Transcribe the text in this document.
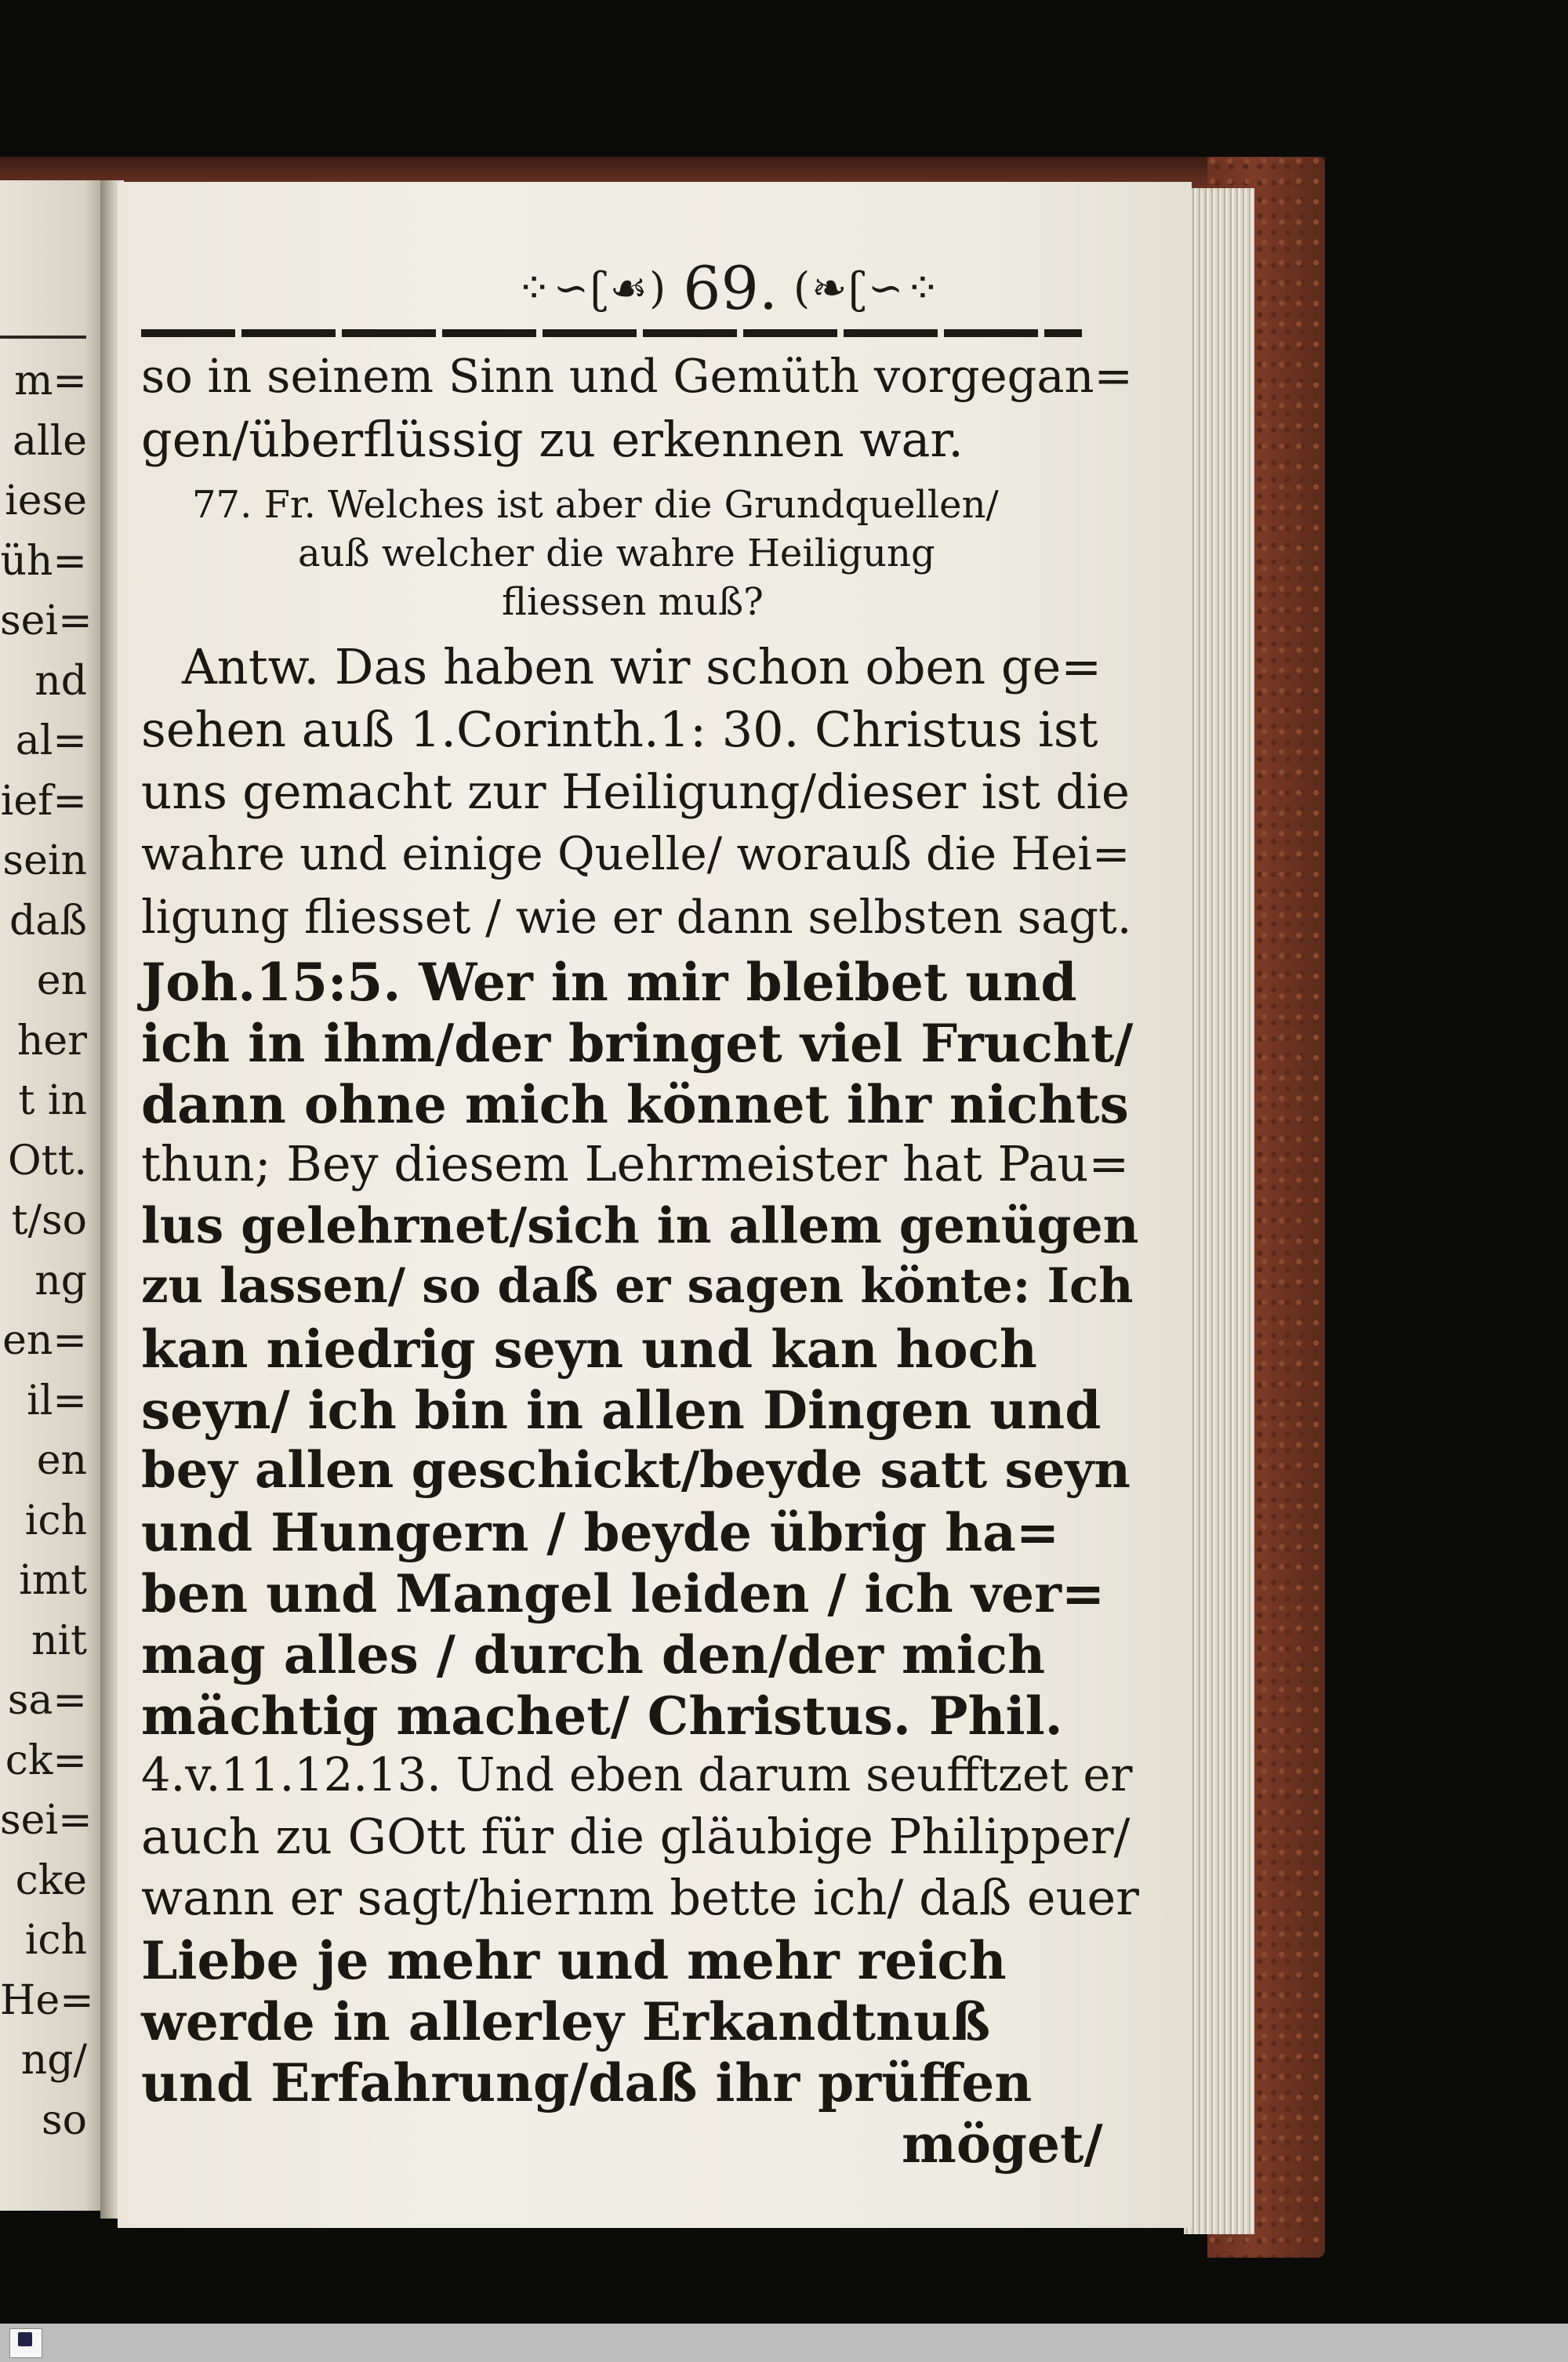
m=
alle
iese
üh=
sei=
nd
al=
ief=
sein
daß
en
her
t in
Ott.
t/so
ng
en=
il=
en
ich
imt
nit
sa=
ck=
sei=
cke
ich
He=
ng/
so
⁘∽ʗ☙) 69. (❧ʗ∽⁘
so in seinem Sinn und Gemüth vorgegan=
gen/überflüssig zu erkennen war.
77. Fr. Welches ist aber die Grundquellen/
auß welcher die wahre Heiligung
fliessen muß?
Antw. Das haben wir schon oben ge=
sehen auß 1.Corinth.1: 30. Christus ist
uns gemacht zur Heiligung/dieser ist die
wahre und einige Quelle/ worauß die Hei=
ligung fliesset / wie er dann selbsten sagt.
Joh.15:5. Wer in mir bleibet und
ich in ihm/der bringet viel Frucht/
dann ohne mich könnet ihr nichts
thun; Bey diesem Lehrmeister hat Pau=
lus gelehrnet/sich in allem genügen
zu lassen/ so daß er sagen könte: Ich
kan niedrig seyn und kan hoch
seyn/ ich bin in allen Dingen und
bey allen geschickt/beyde satt seyn
und Hungern / beyde übrig ha=
ben und Mangel leiden / ich ver=
mag alles / durch den/der mich
mächtig machet/ Christus. Phil.
4.v.11.12.13. Und eben darum seufftzet er
auch zu GOtt für die gläubige Philipper/
wann er sagt/hiernm bette ich/ daß euer
Liebe je mehr und mehr reich
werde in allerley Erkandtnuß
und Erfahrung/daß ihr prüffen
möget/
